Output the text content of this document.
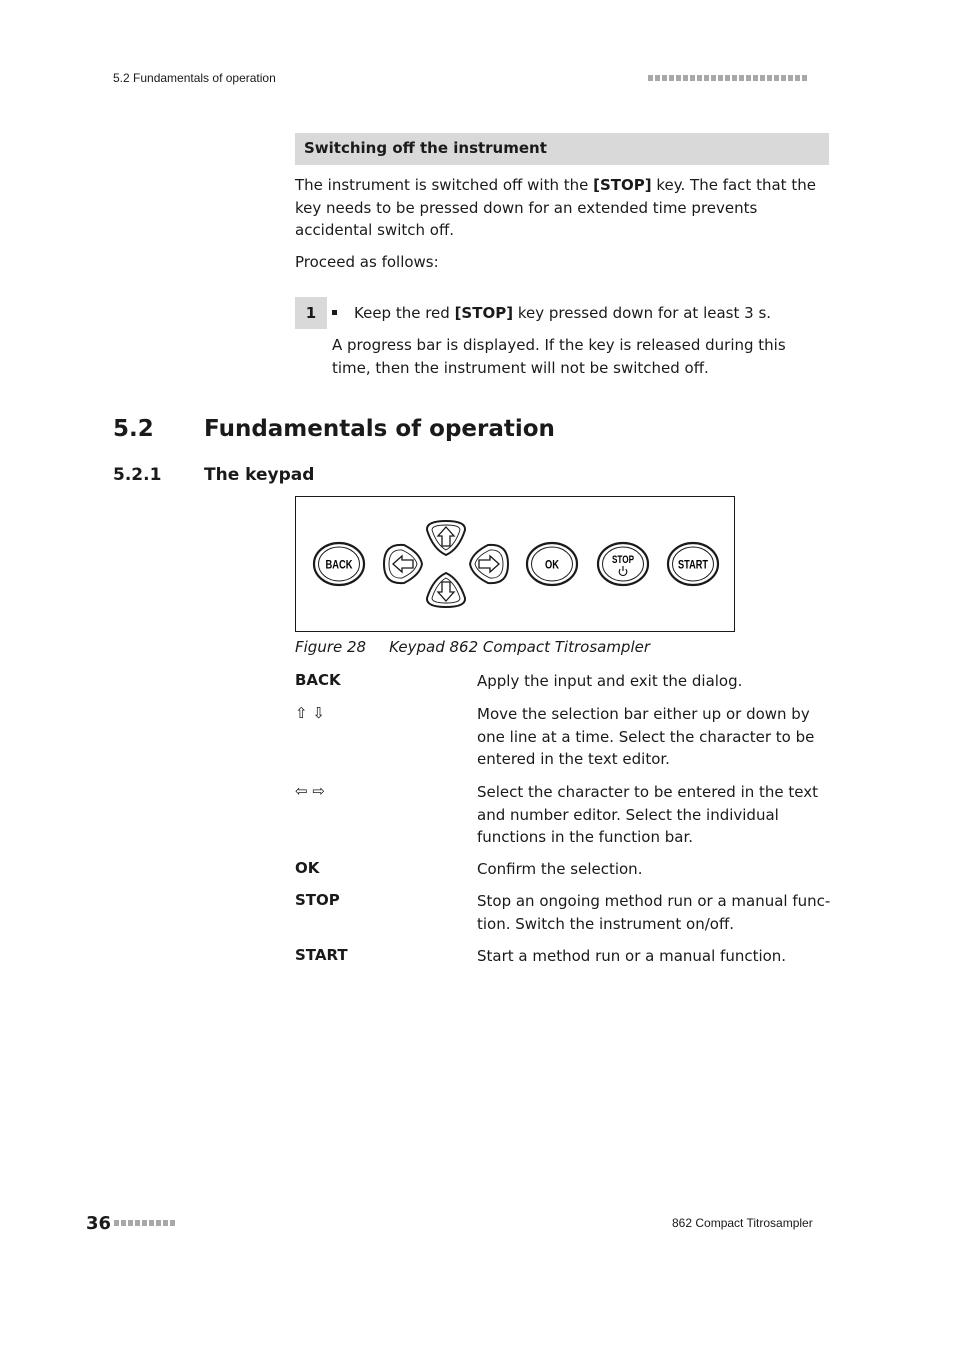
5.2 Fundamentals of operation
Switching off the instrument
The instrument is switched off with the [STOP] key. The fact that the key needs to be pressed down for an extended time prevents accidental switch off.
Proceed as follows:
1	Keep the red [STOP] key pressed down for at least 3 s.
A progress bar is displayed. If the key is released during this time, then the instrument will not be switched off.
5.2 Fundamentals of operation
5.2.1	The keypad
BACK	OK	STOP	START
Figure 28 Keypad 862 Compact Titrosampler
BACK	Apply the input and exit the dialog.
⇧ ⇩	Move the selection bar either up or down by one line at a time. Select the character to be entered in the text editor.
⇦ ⇨	Select the character to be entered in the text and number editor. Select the individual functions in the function bar.
OK	Confirm the selection.
STOP	Stop an ongoing method run or a manual func-tion. Switch the instrument on/off.
START	Start a method run or a manual function.
36	862 Compact Titrosampler
